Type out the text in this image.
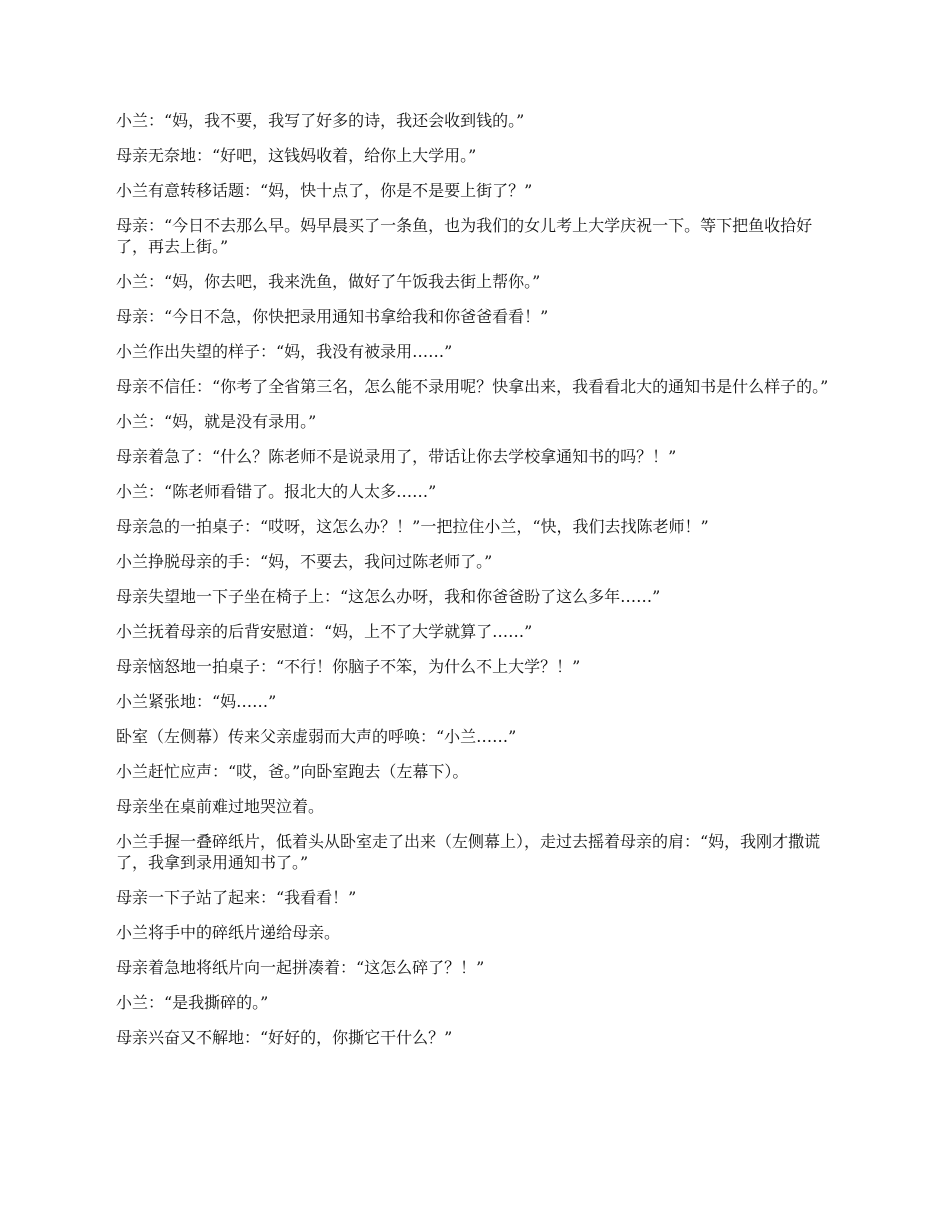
小兰：“妈，我不要，我写了好多的诗，我还会收到钱的。”

母亲无奈地：“好吧，这钱妈收着，给你上大学用。”

小兰有意转移话题：“妈，快十点了，你是不是要上街了？”

母亲：“今日不去那么早。妈早晨买了一条鱼，也为我们的女儿考上大学庆祝一下。等下把鱼收拾好了，再去上街。”

小兰：“妈，你去吧，我来洗鱼，做好了午饭我去街上帮你。”

母亲：“今日不急，你快把录用通知书拿给我和你爸爸看看！”

小兰作出失望的样子：“妈，我没有被录用……”

母亲不信任：“你考了全省第三名，怎么能不录用呢？快拿出来，我看看北大的通知书是什么样子的。”

小兰：“妈，就是没有录用。”

母亲着急了：“什么？陈老师不是说录用了，带话让你去学校拿通知书的吗？！”

小兰：“陈老师看错了。报北大的人太多……”

母亲急的一拍桌子：“哎呀，这怎么办？！”一把拉住小兰，“快，我们去找陈老师！”

小兰挣脱母亲的手：“妈，不要去，我问过陈老师了。”

母亲失望地一下子坐在椅子上：“这怎么办呀，我和你爸爸盼了这么多年……”

小兰抚着母亲的后背安慰道：“妈，上不了大学就算了……”

母亲恼怒地一拍桌子：“不行！你脑子不笨，为什么不上大学？！”

小兰紧张地：“妈……”

卧室（左侧幕）传来父亲虚弱而大声的呼唤：“小兰……”

小兰赶忙应声：“哎，爸。”向卧室跑去（左幕下）。

母亲坐在桌前难过地哭泣着。

小兰手握一叠碎纸片，低着头从卧室走了出来（左侧幕上），走过去摇着母亲的肩：“妈，我刚才撒谎了，我拿到录用通知书了。”

母亲一下子站了起来：“我看看！”

小兰将手中的碎纸片递给母亲。

母亲着急地将纸片向一起拼凑着：“这怎么碎了？！”

小兰：“是我撕碎的。”

母亲兴奋又不解地：“好好的，你撕它干什么？”
